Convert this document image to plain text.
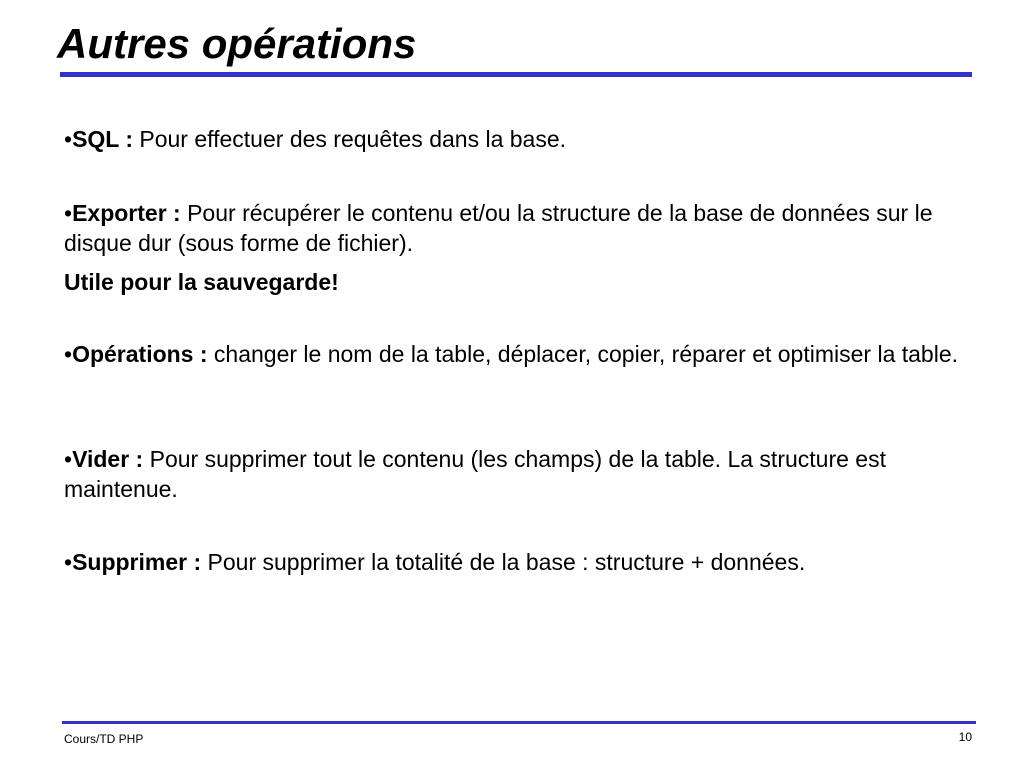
Autres opérations

•SQL : Pour effectuer des requêtes dans la base.

•Exporter : Pour récupérer le contenu et/ou la structure de la base de données sur le disque dur (sous forme de fichier).

Utile pour la sauvegarde!

•Opérations : changer le nom de la table, déplacer, copier, réparer et optimiser la table.

•Vider : Pour supprimer tout le contenu (les champs) de la table. La structure est maintenue.

•Supprimer : Pour supprimer la totalité de la base : structure + données.

Cours/TD PHP	10
